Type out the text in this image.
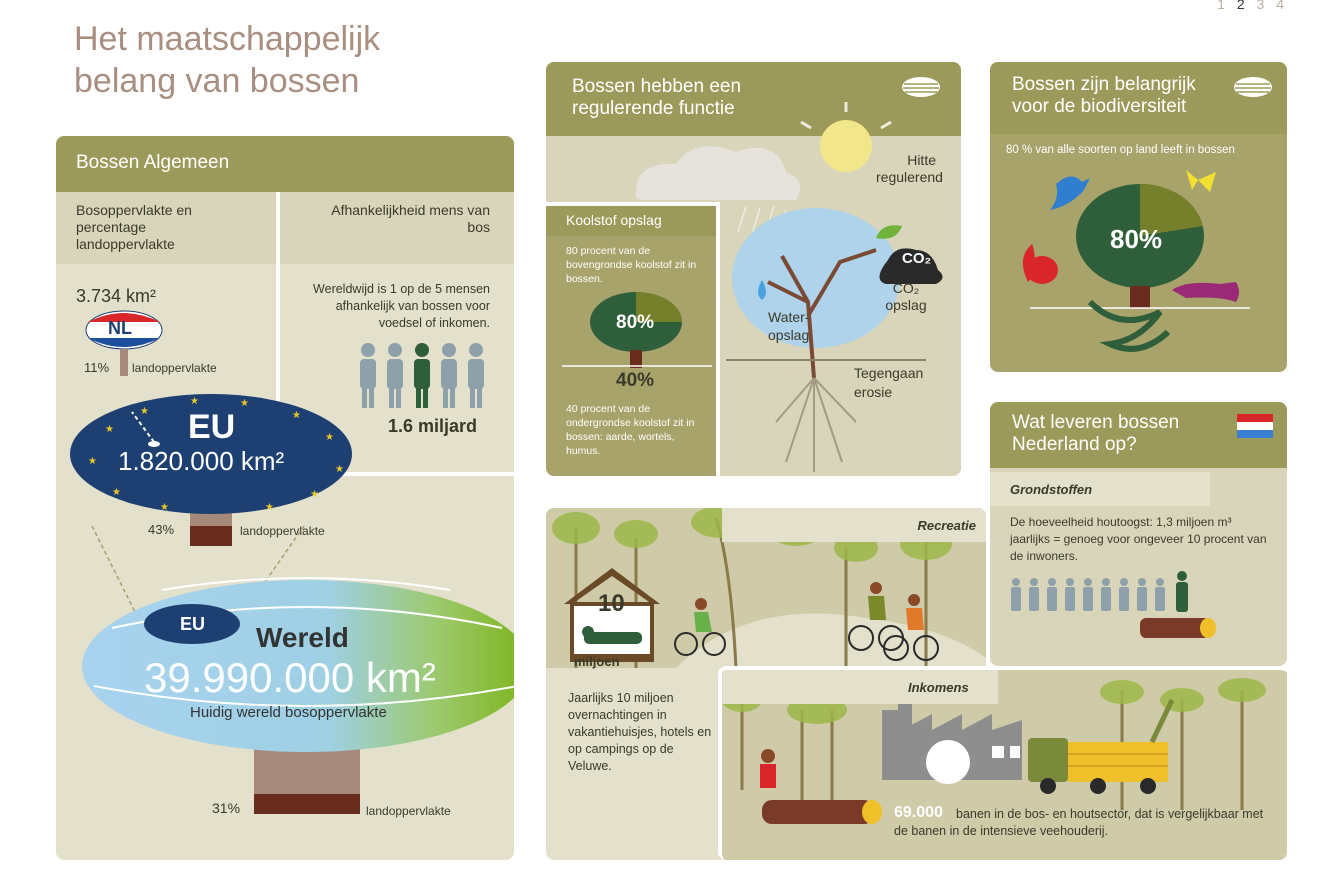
1 2 3 4
Het maatschappelijk
belang van bossen
Bossen Algemeen
Bosoppervlakte en percentage landoppervlakte
Afhankelijkheid mens van bos
3.734 km²
NL
11% landoppervlakte
Wereldwijd is 1 op de 5 mensen afhankelijk van bossen voor voedsel of inkomen.
1.6 miljard
★
★
★	★
★
★
★
★
★
★
★
★
EU
1.820.000 km²
43%	landoppervlakte
EU Wereld
39.990.000 km²
Huidig wereld bosoppervlakte
31%	landoppervlakte
Bossen hebben een
regulerende functie
CO₂
Hitte
regulerend
CO₂
opslag
Water-
opslag
Tegengaan
erosie
Koolstof opslag
80 procent van de bovengrondse koolstof zit in bossen.
80%
40%
40 procent van de ondergrondse koolstof zit in bossen: aarde, wortels, humus.
Bossen zijn belangrijk
voor de biodiversiteit
80 % van alle soorten op land leeft in bossen
80%
Wat leveren bossen
Nederland op?
Grondstoffen
De hoeveelheid houtoogst: 1,3 miljoen m³ jaarlijks = genoeg voor ongeveer 10 procent van de inwoners.
Recreatie
10
miljoen
Jaarlijks 10 miljoen overnachtingen in vakantiehuisjes, hotels en op campings op de Veluwe.
Inkomens
69.000	banen in de bos- en houtsector, dat is vergelijkbaar met de banen in de intensieve veehouderij.
